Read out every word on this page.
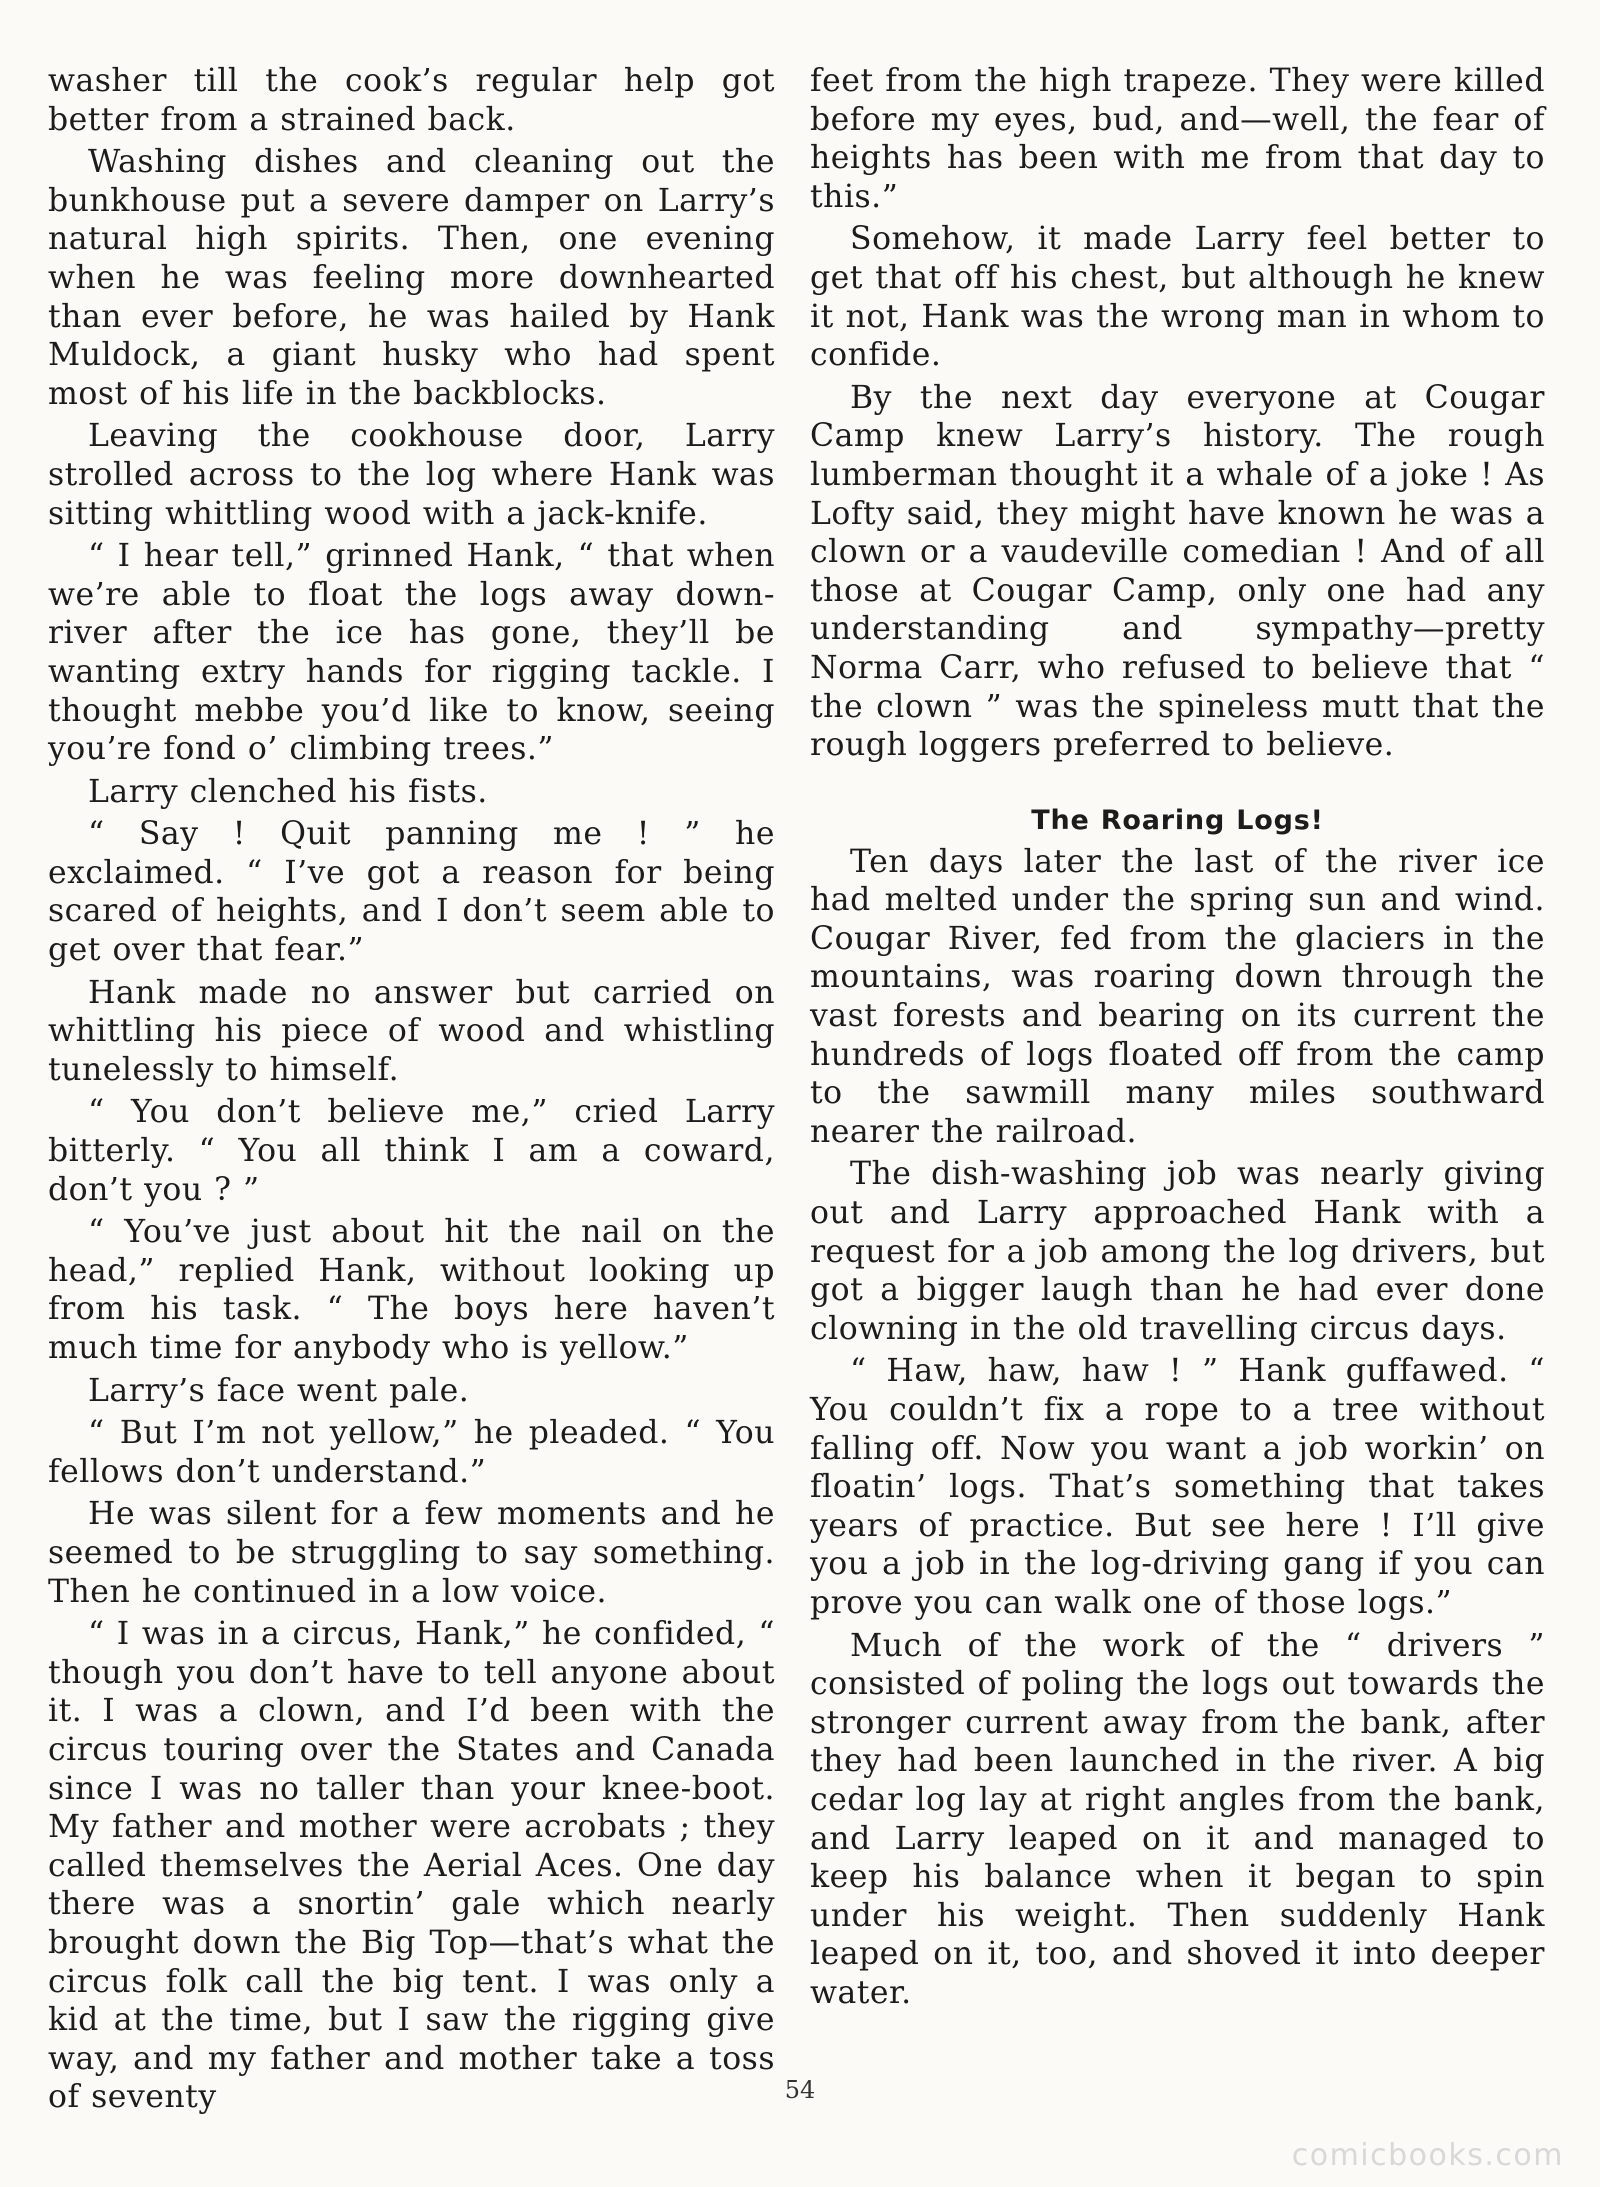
washer till the cook’s regular help got better from a strained back.

Washing dishes and cleaning out the bunkhouse put a severe damper on Larry’s natural high spirits. Then, one evening when he was feeling more downhearted than ever before, he was hailed by Hank Muldock, a giant husky who had spent most of his life in the backblocks.

Leaving the cookhouse door, Larry strolled across to the log where Hank was sitting whittling wood with a jack-knife.

“ I hear tell,” grinned Hank, “ that when we’re able to float the logs away down-river after the ice has gone, they’ll be wanting extry hands for rigging tackle. I thought mebbe you’d like to know, seeing you’re fond o’ climbing trees.”

Larry clenched his fists.

“ Say ! Quit panning me ! ” he exclaimed. “ I’ve got a reason for being scared of heights, and I don’t seem able to get over that fear.”

Hank made no answer but carried on whittling his piece of wood and whistling tunelessly to himself.

“ You don’t believe me,” cried Larry bitterly. “ You all think I am a coward, don’t you ? ”

“ You’ve just about hit the nail on the head,” replied Hank, without looking up from his task. “ The boys here haven’t much time for anybody who is yellow.”

Larry’s face went pale.

“ But I’m not yellow,” he pleaded. “ You fellows don’t understand.”

He was silent for a few moments and he seemed to be struggling to say something. Then he continued in a low voice.

“ I was in a circus, Hank,” he confided, “ though you don’t have to tell anyone about it. I was a clown, and I’d been with the circus touring over the States and Canada since I was no taller than your knee-boot. My father and mother were acrobats ; they called themselves the Aerial Aces. One day there was a snortin’ gale which nearly brought down the Big Top—that’s what the circus folk call the big tent. I was only a kid at the time, but I saw the rigging give way, and my father and mother take a toss of seventy

feet from the high trapeze. They were killed before my eyes, bud, and—well, the fear of heights has been with me from that day to this.”

Somehow, it made Larry feel better to get that off his chest, but although he knew it not, Hank was the wrong man in whom to confide.

By the next day everyone at Cougar Camp knew Larry’s history. The rough lumberman thought it a whale of a joke ! As Lofty said, they might have known he was a clown or a vaudeville comedian ! And of all those at Cougar Camp, only one had any understanding and sympathy—pretty Norma Carr, who refused to believe that “ the clown ” was the spineless mutt that the rough loggers preferred to believe.

The Roaring Logs!

Ten days later the last of the river ice had melted under the spring sun and wind. Cougar River, fed from the glaciers in the mountains, was roaring down through the vast forests and bearing on its current the hundreds of logs floated off from the camp to the sawmill many miles southward nearer the railroad.

The dish-washing job was nearly giving out and Larry approached Hank with a request for a job among the log drivers, but got a bigger laugh than he had ever done clowning in the old travelling circus days.

“ Haw, haw, haw ! ” Hank guffawed. “ You couldn’t fix a rope to a tree without falling off. Now you want a job workin’ on floatin’ logs. That’s something that takes years of practice. But see here ! I’ll give you a job in the log-driving gang if you can prove you can walk one of those logs.”

Much of the work of the “ drivers ” consisted of poling the logs out towards the stronger current away from the bank, after they had been launched in the river. A big cedar log lay at right angles from the bank, and Larry leaped on it and managed to keep his balance when it began to spin under his weight. Then suddenly Hank leaped on it, too, and shoved it into deeper water.

54
comicbooks.com
